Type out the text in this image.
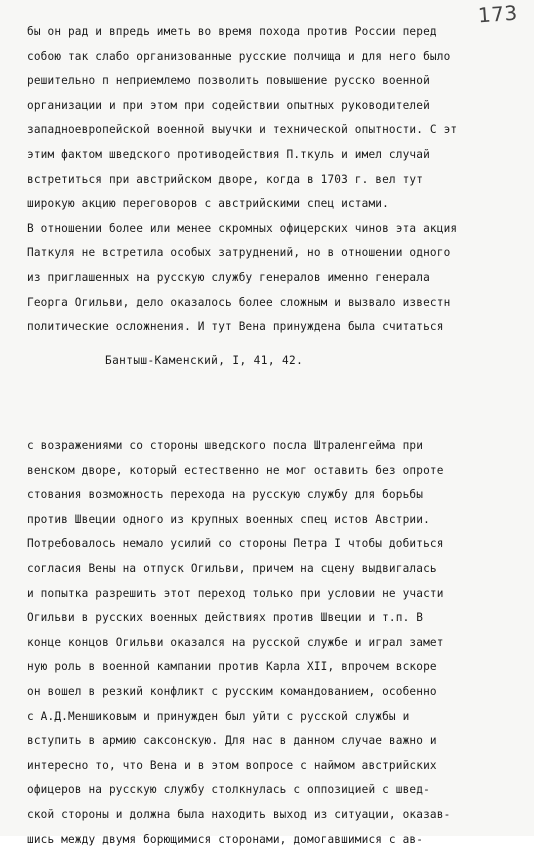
173
бы он рад и впредь иметь во время похода против России перед
собою так слабо организованные русские полчища и для него было
решительно п неприемлемо позволить повышение русско военной
организации и при этом при содействии опытных руководителей
западноевропейской военной выучки и технической опытности. С эт
этим фактом шведского противодействия П.ткуль и имел случай
встретиться при австрийском дворе, когда в 1703 г. вел тут
широкую акцию переговоров с австрийскими спец истами.
В отношении более или менее скромных офицерских чинов эта акция
Паткуля не встретила особых затруднений, но в отношении одного
из приглашенных на русскую службу генералов именно генерала
Георга Огильви, дело оказалось более сложным и вызвало известн
политические осложнения. И тут Вена принуждена была считаться
Бантыш-Каменский, I, 41, 42.
с возражениями со стороны шведского посла Штраленгейма при
венском дворе, который естественно не мог оставить без опроте
стования возможность перехода на русскую службу для борьбы
против Швеции одного из крупных военных спец истов Австрии.
Потребовалось немало усилий со стороны Петра I чтобы добиться
согласия Вены на отпуск Огильви, причем на сцену выдвигалась
и попытка разрешить этот переход только при условии не участи
Огильви в русских военных действиях против Швеции и т.п. В
конце концов Огильви оказался на русской службе и играл замет
ную роль в военной кампании против Карла XII, впрочем вскоре
он вошел в резкий конфликт с русским командованием, особенно
с А.Д.Меншиковым и принужден был уйти с русской службы и
вступить в армию саксонскую. Для нас в данном случае важно и
интересно то, что Вена и в этом вопросе с наймом австрийских
офицеров на русскую службу столкнулась с оппозицией с швед-
ской стороны и должна была находить выход из ситуации, оказав-
шись между двумя борющимися сторонами, домогавшимися с ав-
